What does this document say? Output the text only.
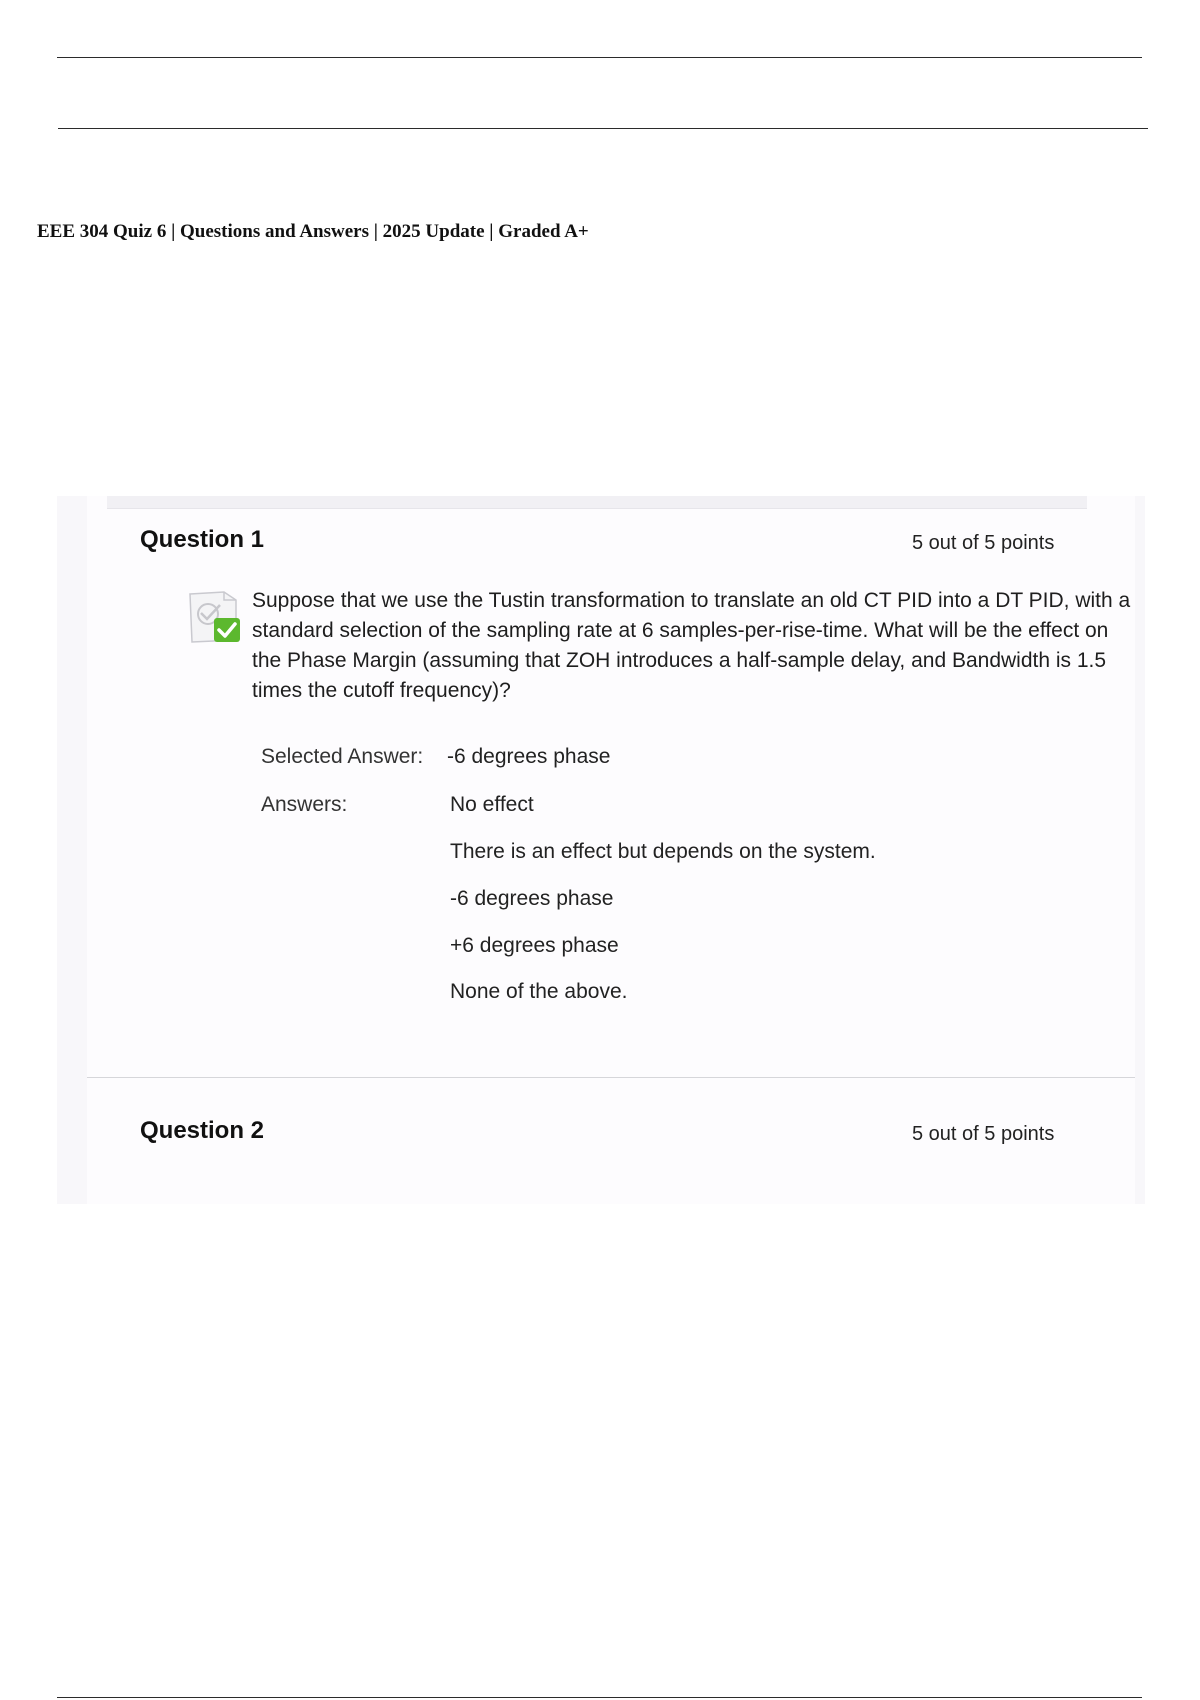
EEE 304 Quiz 6 | Questions and Answers | 2025 Update | Graded A+
Question 1	5 out of 5 points

Suppose that we use the Tustin transformation to translate an old CT PID into a DT PID, with a standard selection of the sampling rate at 6 samples-per-rise-time. What will be the effect on the Phase Margin (assuming that ZOH introduces a half-sample delay, and Bandwidth is 1.5 times the cutoff frequency)?

Selected Answer: -6 degrees phase
Answers:	No effect
There is an effect but depends on the system.
-6 degrees phase
+6 degrees phase
None of the above.
Question 2	5 out of 5 points
